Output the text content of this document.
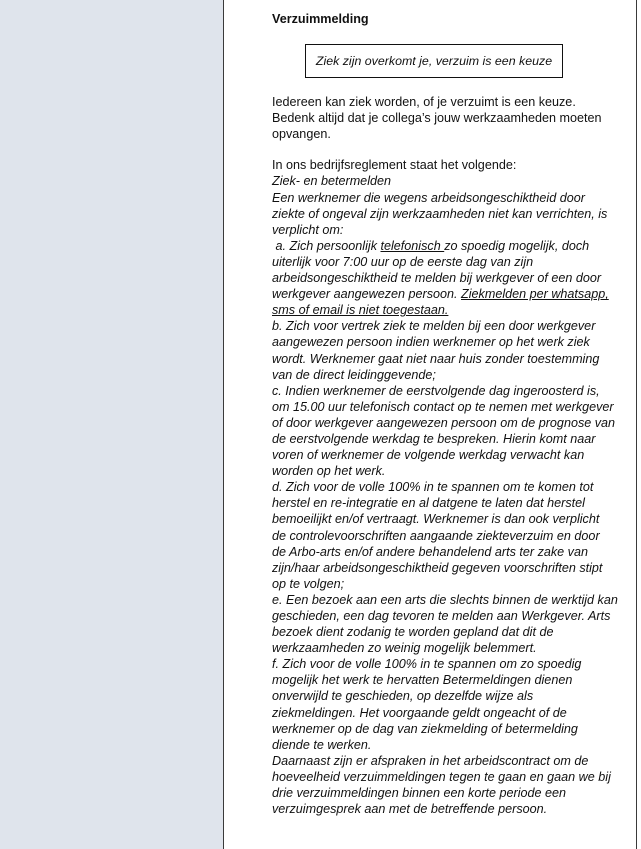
Verzuimmelding
Ziek zijn overkomt je, verzuim is een keuze
Iedereen kan ziek worden, of je verzuimt is een keuze.
Bedenk altijd dat je collega’s jouw werkzaamheden moeten
opvangen.
In ons bedrijfsreglement staat het volgende:
Ziek- en betermelden
Een werknemer die wegens arbeidsongeschiktheid door
ziekte of ongeval zijn werkzaamheden niet kan verrichten, is
verplicht om:
a. Zich persoonlijk telefonisch zo spoedig mogelijk, doch
uiterlijk voor 7:00 uur op de eerste dag van zijn
arbeidsongeschiktheid te melden bij werkgever of een door
werkgever aangewezen persoon. Ziekmelden per whatsapp,
sms of email is niet toegestaan.
b. Zich voor vertrek ziek te melden bij een door werkgever
aangewezen persoon indien werknemer op het werk ziek
wordt. Werknemer gaat niet naar huis zonder toestemming
van de direct leidinggevende;
c. Indien werknemer de eerstvolgende dag ingeroosterd is,
om 15.00 uur telefonisch contact op te nemen met werkgever
of door werkgever aangewezen persoon om de prognose van
de eerstvolgende werkdag te bespreken. Hierin komt naar
voren of werknemer de volgende werkdag verwacht kan
worden op het werk.
d. Zich voor de volle 100% in te spannen om te komen tot
herstel en re-integratie en al datgene te laten dat herstel
bemoeilijkt en/of vertraagt. Werknemer is dan ook verplicht
de controlevoorschriften aangaande ziekteverzuim en door
de Arbo-arts en/of andere behandelend arts ter zake van
zijn/haar arbeidsongeschiktheid gegeven voorschriften stipt
op te volgen;
e. Een bezoek aan een arts die slechts binnen de werktijd kan
geschieden, een dag tevoren te melden aan Werkgever. Arts
bezoek dient zodanig te worden gepland dat dit de
werkzaamheden zo weinig mogelijk belemmert.
f. Zich voor de volle 100% in te spannen om zo spoedig
mogelijk het werk te hervatten Betermeldingen dienen
onverwijld te geschieden, op dezelfde wijze als
ziekmeldingen. Het voorgaande geldt ongeacht of de
werknemer op de dag van ziekmelding of betermelding
diende te werken.
Daarnaast zijn er afspraken in het arbeidscontract om de
hoeveelheid verzuimmeldingen tegen te gaan en gaan we bij
drie verzuimmeldingen binnen een korte periode een
verzuimgesprek aan met de betreffende persoon.
